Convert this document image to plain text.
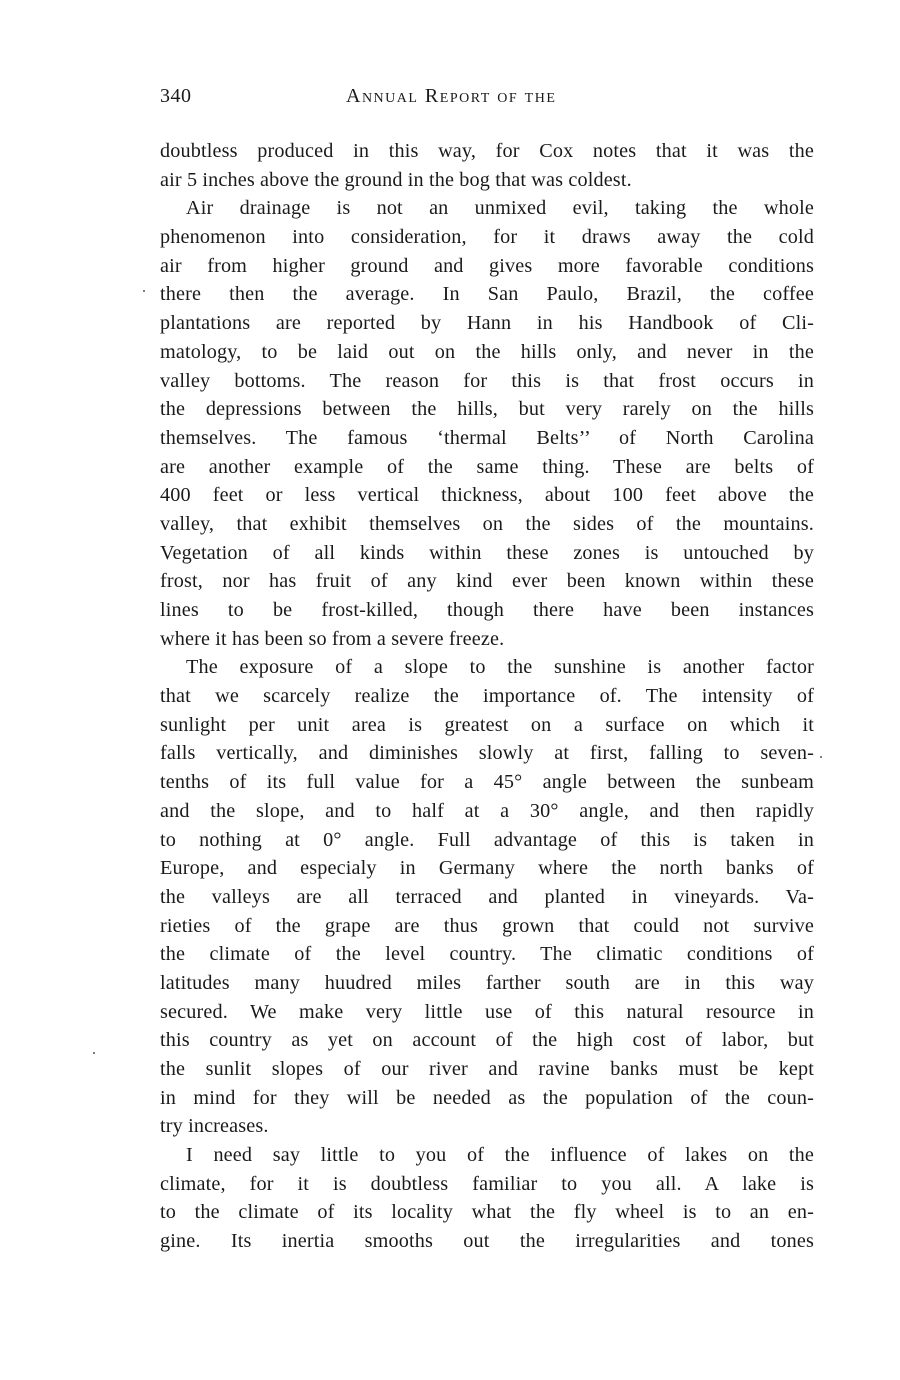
340	Annual Report of the
doubtless produced in this way, for Cox notes that it was the
air 5 inches above the ground in the bog that was coldest.
Air drainage is not an unmixed evil, taking the whole
phenomenon into consideration, for it draws away the cold
air from higher ground and gives more favorable conditions
there then the average. In San Paulo, Brazil, the coffee
plantations are reported by Hann in his Handbook of Cli-
matology, to be laid out on the hills only, and never in the
valley bottoms. The reason for this is that frost occurs in
the depressions between the hills, but very rarely on the hills
themselves. The famous ‘thermal Belts’’ of North Carolina
are another example of the same thing. These are belts of
400 feet or less vertical thickness, about 100 feet above the
valley, that exhibit themselves on the sides of the mountains.
Vegetation of all kinds within these zones is untouched by
frost, nor has fruit of any kind ever been known within these
lines to be frost-killed, though there have been instances
where it has been so from a severe freeze.
The exposure of a slope to the sunshine is another factor
that we scarcely realize the importance of. The intensity of
sunlight per unit area is greatest on a surface on which it
falls vertically, and diminishes slowly at first, falling to seven-
tenths of its full value for a 45° angle between the sunbeam
and the slope, and to half at a 30° angle, and then rapidly
to nothing at 0° angle. Full advantage of this is taken in
Europe, and especialy in Germany where the north banks of
the valleys are all terraced and planted in vineyards. Va-
rieties of the grape are thus grown that could not survive
the climate of the level country. The climatic conditions of
latitudes many huudred miles farther south are in this way
secured. We make very little use of this natural resource in
this country as yet on account of the high cost of labor, but
the sunlit slopes of our river and ravine banks must be kept
in mind for they will be needed as the population of the coun-
try increases.
I need say little to you of the influence of lakes on the
climate, for it is doubtless familiar to you all. A lake is
to the climate of its locality what the fly wheel is to an en-
gine. Its inertia smooths out the irregularities and tones
